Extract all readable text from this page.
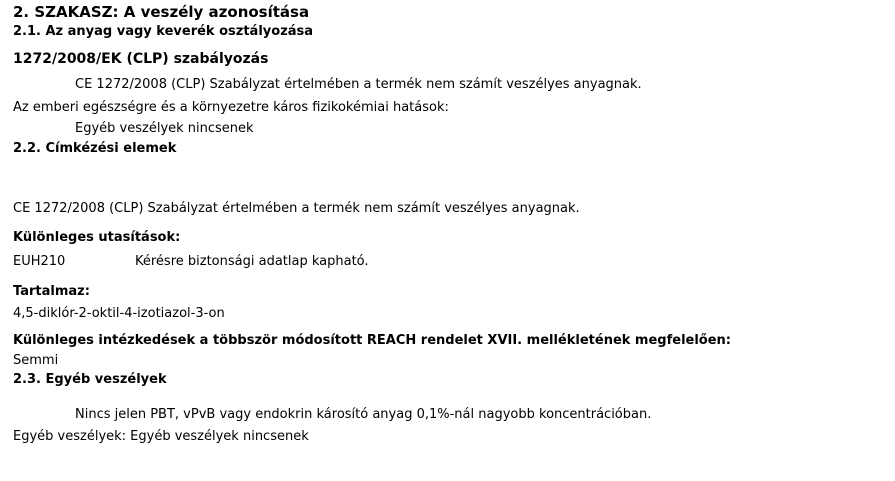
2. SZAKASZ: A veszély azonosítása
2.1. Az anyag vagy keverék osztályozása
1272/2008/EK (CLP) szabályozás
CE 1272/2008 (CLP) Szabályzat értelmében a termék nem számít veszélyes anyagnak.
Az emberi egészségre és a környezetre káros fizikokémiai hatások:
Egyéb veszélyek nincsenek
2.2. Címkézési elemek
CE 1272/2008 (CLP) Szabályzat értelmében a termék nem számít veszélyes anyagnak.
Különleges utasítások:
EUH210	Kérésre biztonsági adatlap kapható.
Tartalmaz:
4,5-diklór-2-oktil-4-izotiazol-3-on
Különleges intézkedések a többször módosított REACH rendelet XVII. mellékletének megfelelően:
Semmi
2.3. Egyéb veszélyek
Nincs jelen PBT, vPvB vagy endokrin károsító anyag 0,1%-nál nagyobb koncentrációban.
Egyéb veszélyek: Egyéb veszélyek nincsenek
